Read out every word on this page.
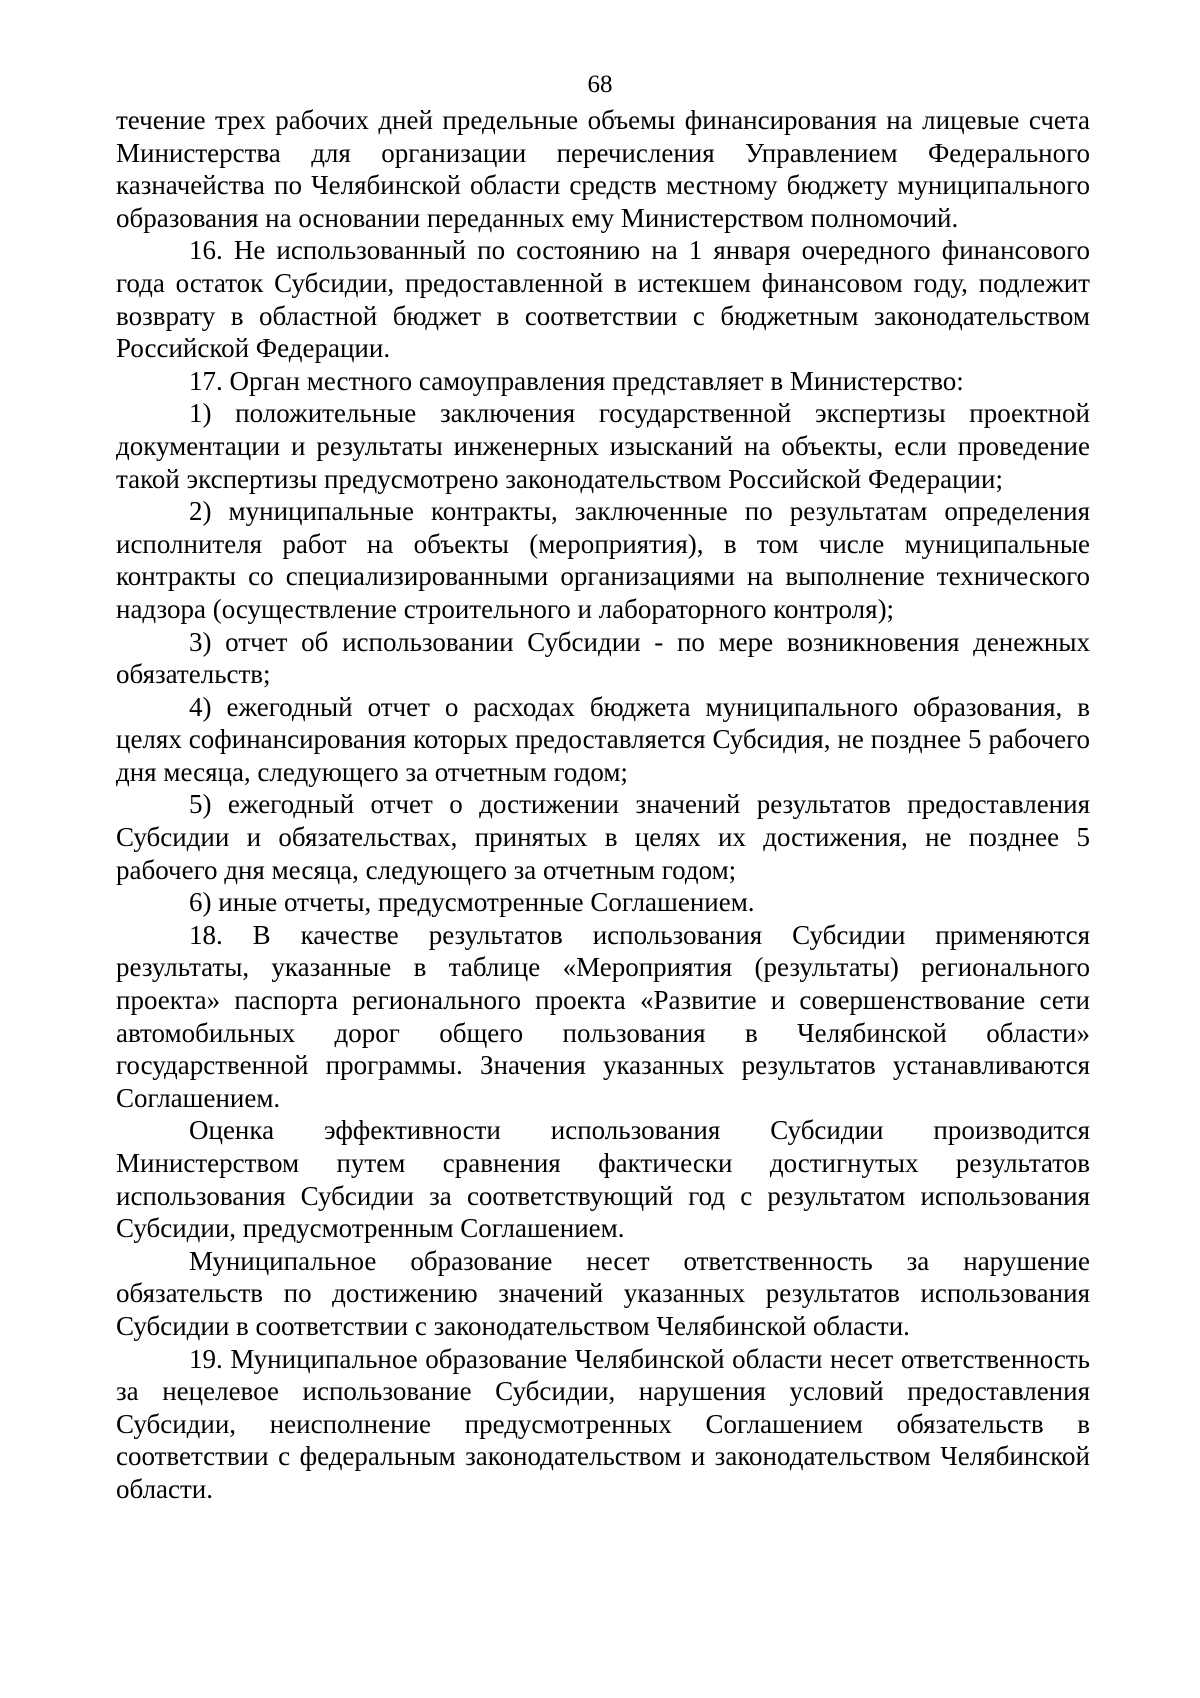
68

течение трех рабочих дней предельные объемы финансирования на лицевые счета Министерства для организации перечисления Управлением Федерального казначейства по Челябинской области средств местному бюджету муниципального образования на основании переданных ему Министерством полномочий.

16. Не использованный по состоянию на 1 января очередного финансового года остаток Субсидии, предоставленной в истекшем финансовом году, подлежит возврату в областной бюджет в соответствии с бюджетным законодательством Российской Федерации.

17. Орган местного самоуправления представляет в Министерство:

1) положительные заключения государственной экспертизы проектной документации и результаты инженерных изысканий на объекты, если проведение такой экспертизы предусмотрено законодательством Российской Федерации;

2) муниципальные контракты, заключенные по результатам определения исполнителя работ на объекты (мероприятия), в том числе муниципальные контракты со специализированными организациями на выполнение технического надзора (осуществление строительного и лабораторного контроля);

3) отчет об использовании Субсидии - по мере возникновения денежных обязательств;

4) ежегодный отчет о расходах бюджета муниципального образования, в целях софинансирования которых предоставляется Субсидия, не позднее 5 рабочего дня месяца, следующего за отчетным годом;

5) ежегодный отчет о достижении значений результатов предоставления Субсидии и обязательствах, принятых в целях их достижения, не позднее 5 рабочего дня месяца, следующего за отчетным годом;

6) иные отчеты, предусмотренные Соглашением.

18. В качестве результатов использования Субсидии применяются результаты, указанные в таблице «Мероприятия (результаты) регионального проекта» паспорта регионального проекта «Развитие и совершенствование сети автомобильных дорог общего пользования в Челябинской области» государственной программы. Значения указанных результатов устанавливаются Соглашением.

Оценка эффективности использования Субсидии производится Министерством путем сравнения фактически достигнутых результатов использования Субсидии за соответствующий год с результатом использования Субсидии, предусмотренным Соглашением.

Муниципальное образование несет ответственность за нарушение обязательств по достижению значений указанных результатов использования Субсидии в соответствии с законодательством Челябинской области.

19. Муниципальное образование Челябинской области несет ответственность за нецелевое использование Субсидии, нарушения условий предоставления Субсидии, неисполнение предусмотренных Соглашением обязательств в соответствии с федеральным законодательством и законодательством Челябинской области.
